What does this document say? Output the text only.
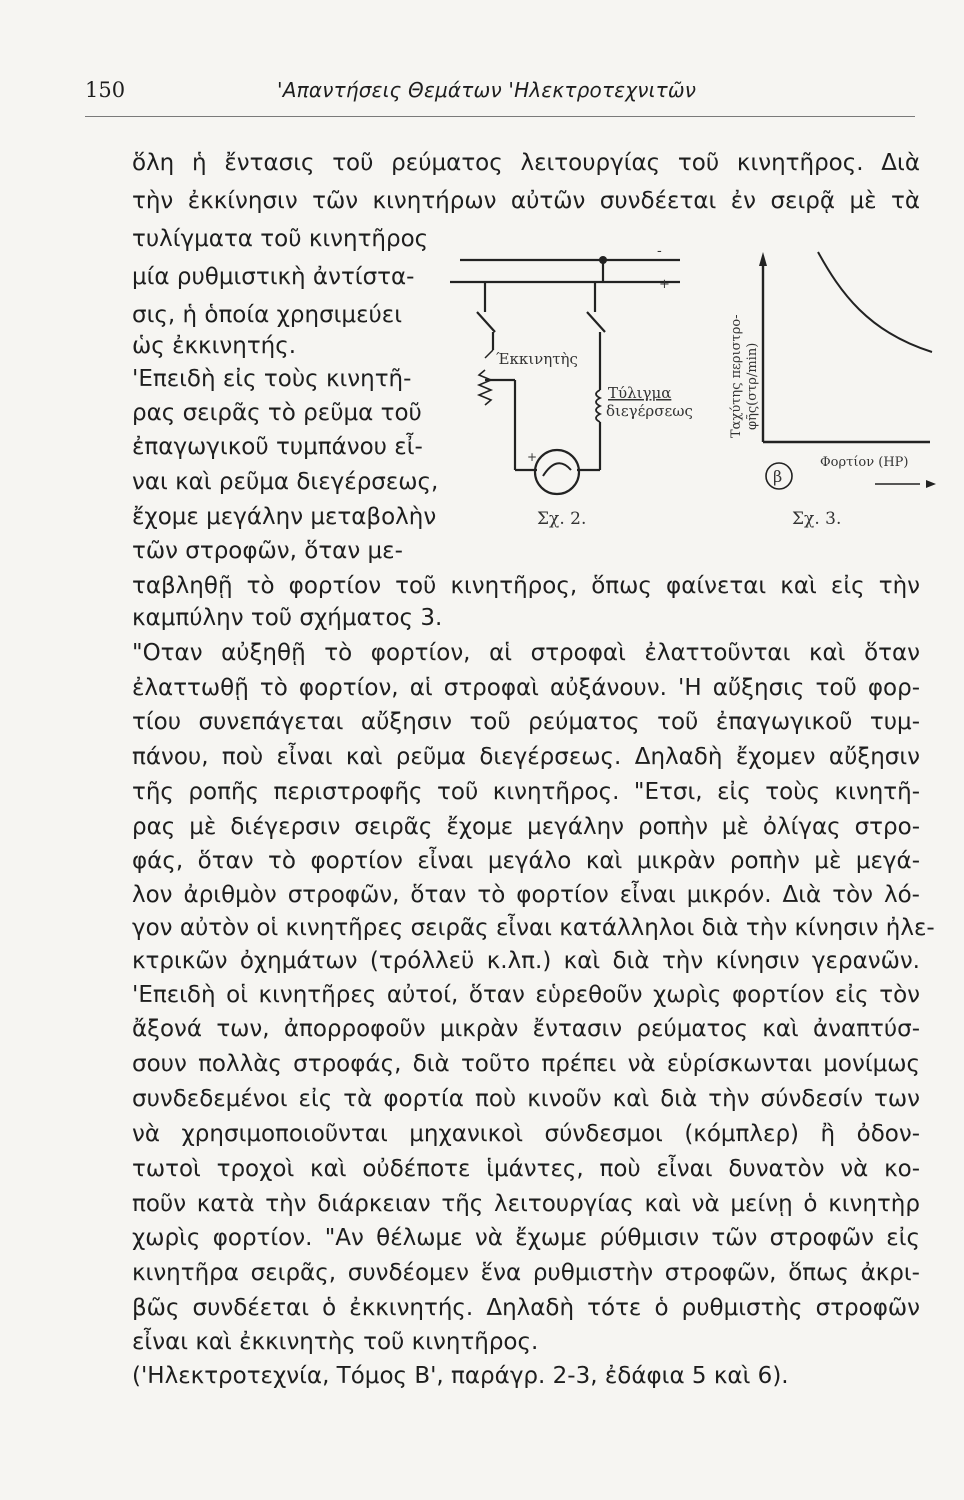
150	'Απαντήσεις Θεμάτων 'Ηλεκτροτεχνιτῶν
ὅλη ἡ ἔντασις τοῦ ρεύματος λειτουργίας τοῦ κινητῆρος. Διὰ
τὴν ἐκκίνησιν τῶν κινητήρων αὐτῶν συνδέεται ἐν σειρᾷ μὲ τὰ
τυλίγματα τοῦ κινητῆρος
μία ρυθμιστικὴ ἀντίστα-
σις, ἡ ὁποία χρησιμεύει
ὡς ἐκκινητής.
'Επειδὴ εἰς τοὺς κινητῆ-
ρας σειρᾶς τὸ ρεῦμα τοῦ
ἐπαγωγικοῦ τυμπάνου εἶ-
ναι καὶ ρεῦμα διεγέρσεως,
ἔχομε μεγάλην μεταβολὴν
τῶν στροφῶν, ὅταν με-
ταβληθῇ τὸ φορτίον τοῦ κινητῆρος, ὅπως φαίνεται καὶ εἰς τὴν
καμπύλην τοῦ σχήματος 3.
"Οταν αὐξηθῇ τὸ φορτίον, αἱ στροφαὶ ἐλαττοῦνται καὶ ὅταν
ἐλαττωθῇ τὸ φορτίον, αἱ στροφαὶ αὐξάνουν. 'Η αὔξησις τοῦ φορ-
τίου συνεπάγεται αὔξησιν τοῦ ρεύματος τοῦ ἐπαγωγικοῦ τυμ-
πάνου, ποὺ εἶναι καὶ ρεῦμα διεγέρσεως. Δηλαδὴ ἔχομεν αὔξησιν
τῆς ροπῆς περιστροφῆς τοῦ κινητῆρος. "Ετσι, εἰς τοὺς κινητῆ-
ρας μὲ διέγερσιν σειρᾶς ἔχομε μεγάλην ροπὴν μὲ ὀλίγας στρο-
φάς, ὅταν τὸ φορτίον εἶναι μεγάλο καὶ μικρὰν ροπὴν μὲ μεγά-
λον ἀριθμὸν στροφῶν, ὅταν τὸ φορτίον εἶναι μικρόν. Διὰ τὸν λό-
γον αὐτὸν οἱ κινητῆρες σειρᾶς εἶναι κατάλληλοι διὰ τὴν κίνησιν ἠλε-
κτρικῶν ὀχημάτων (τρόλλεϋ κ.λπ.) καὶ διὰ τὴν κίνησιν γερανῶν.
'Επειδὴ οἱ κινητῆρες αὐτοί, ὅταν εὑρεθοῦν χωρὶς φορτίον εἰς τὸν
ἄξονά των, ἀπορροφοῦν μικρὰν ἔντασιν ρεύματος καὶ ἀναπτύσ-
σουν πολλὰς στροφάς, διὰ τοῦτο πρέπει νὰ εὑρίσκωνται μονίμως
συνδεδεμένοι εἰς τὰ φορτία ποὺ κινοῦν καὶ διὰ τὴν σύνδεσίν των
νὰ χρησιμοποιοῦνται μηχανικοὶ σύνδεσμοι (κόμπλερ) ἢ ὀδον-
τωτοὶ τροχοὶ καὶ οὐδέποτε ἱμάντες, ποὺ εἶναι δυνατὸν νὰ κο-
ποῦν κατὰ τὴν διάρκειαν τῆς λειτουργίας καὶ νὰ μείνῃ ὁ κινητὴρ
χωρὶς φορτίον. "Αν θέλωμε νὰ ἔχωμε ρύθμισιν τῶν στροφῶν εἰς
κινητῆρα σειρᾶς, συνδέομεν ἕνα ρυθμιστὴν στροφῶν, ὅπως ἀκρι-
βῶς συνδέεται ὁ ἐκκινητής. Δηλαδὴ τότε ὁ ρυθμιστὴς στροφῶν
εἶναι καὶ ἐκκινητὴς τοῦ κινητῆρος.
('Ηλεκτροτεχνία, Τόμος Β', παράγρ. 2-3, ἐδάφια 5 καὶ 6).
-
+
+
Έκκινητὴς
Τύλιγμα
διεγέρσεως
Σχ. 2.
Ταχύτης περιστρο- φῆς(στρ/min)
Φορτίον (HP)
β
Σχ. 3.
